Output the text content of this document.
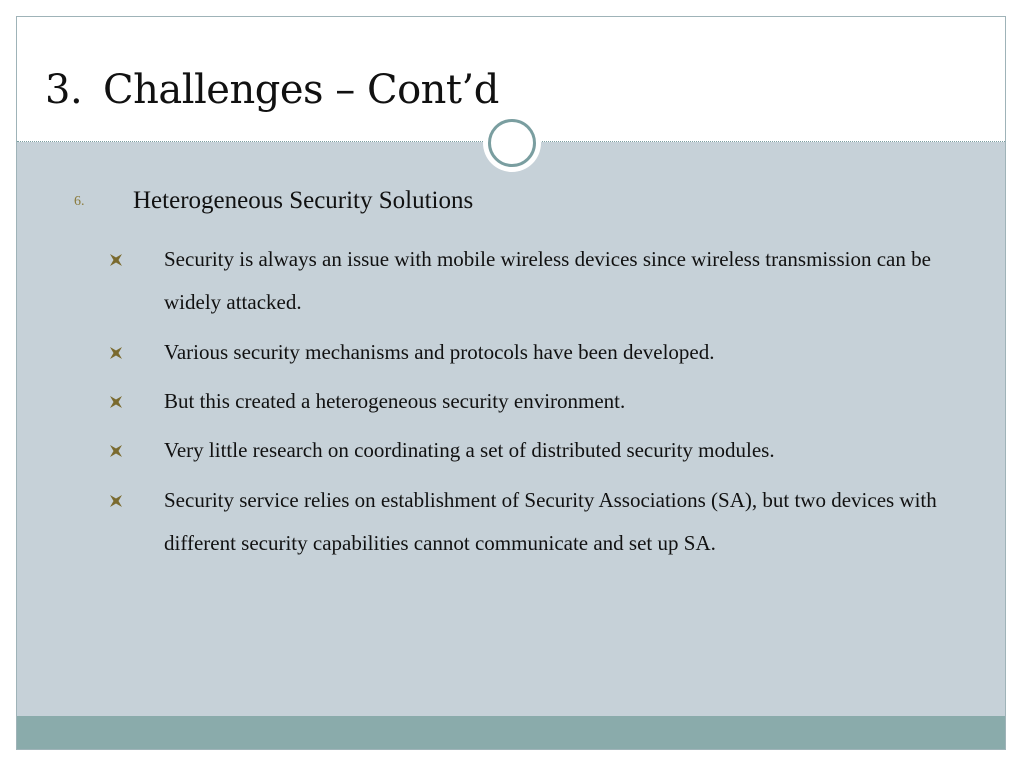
3. Challenges – Cont’d
6. Heterogeneous Security Solutions
Security is always an issue with mobile wireless devices since wireless transmission can be widely attacked.
Various security mechanisms and protocols have been developed.
But this created a heterogeneous security environment.
Very little research on coordinating a set of distributed security modules.
Security service relies on establishment of Security Associations (SA), but two devices with different security capabilities cannot communicate and set up SA.
